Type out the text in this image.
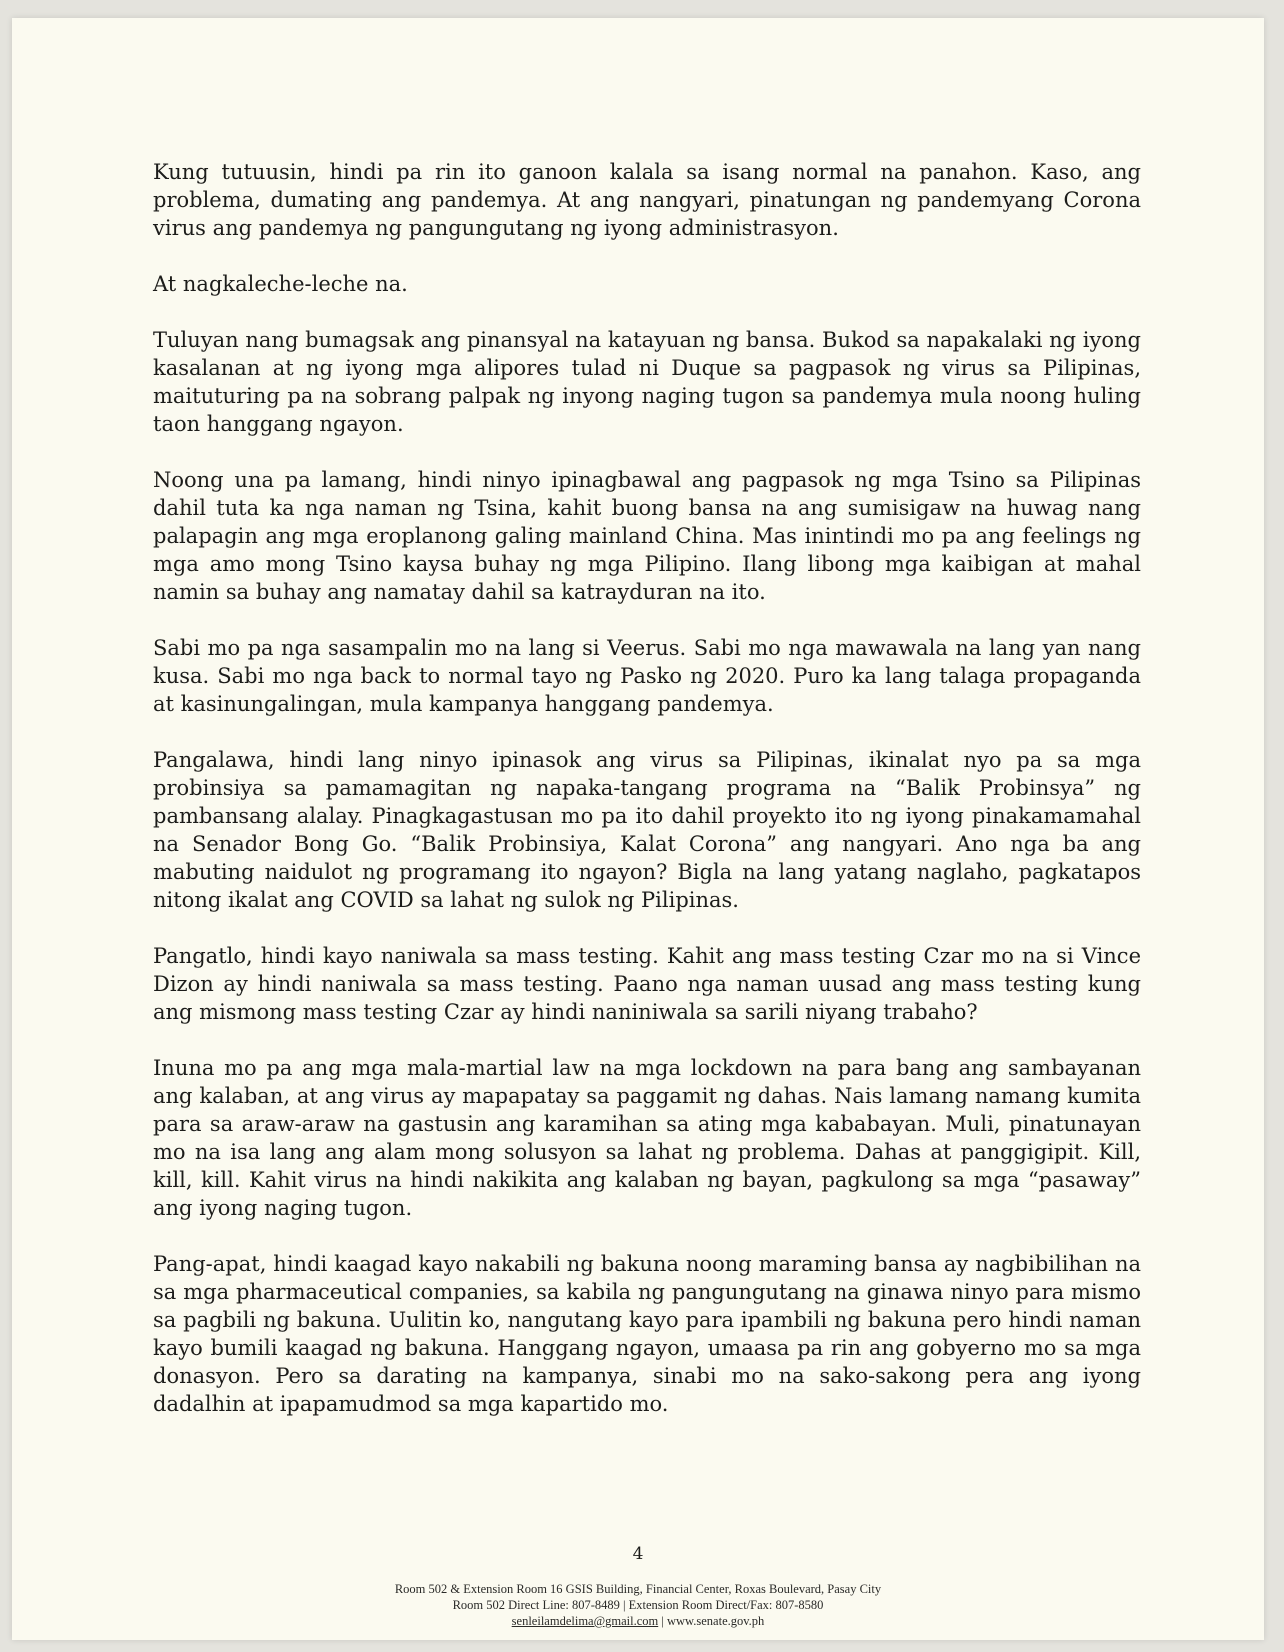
Kung tutuusin, hindi pa rin ito ganoon kalala sa isang normal na panahon. Kaso, ang problema, dumating ang pandemya. At ang nangyari, pinatungan ng pandemyang Corona virus ang pandemya ng pangungutang ng iyong administrasyon.

At nagkaleche-leche na.

Tuluyan nang bumagsak ang pinansyal na katayuan ng bansa. Bukod sa napakalaki ng iyong kasalanan at ng iyong mga alipores tulad ni Duque sa pagpasok ng virus sa Pilipinas, maituturing pa na sobrang palpak ng inyong naging tugon sa pandemya mula noong huling taon hanggang ngayon.

Noong una pa lamang, hindi ninyo ipinagbawal ang pagpasok ng mga Tsino sa Pilipinas dahil tuta ka nga naman ng Tsina, kahit buong bansa na ang sumisigaw na huwag nang palapagin ang mga eroplanong galing mainland China. Mas inintindi mo pa ang feelings ng mga amo mong Tsino kaysa buhay ng mga Pilipino. Ilang libong mga kaibigan at mahal namin sa buhay ang namatay dahil sa katrayduran na ito.

Sabi mo pa nga sasampalin mo na lang si Veerus. Sabi mo nga mawawala na lang yan nang kusa. Sabi mo nga back to normal tayo ng Pasko ng 2020. Puro ka lang talaga propaganda at kasinungalingan, mula kampanya hanggang pandemya.

Pangalawa, hindi lang ninyo ipinasok ang virus sa Pilipinas, ikinalat nyo pa sa mga probinsiya sa pamamagitan ng napaka-tangang programa na “Balik Probinsya” ng pambansang alalay. Pinagkagastusan mo pa ito dahil proyekto ito ng iyong pinakamamahal na Senador Bong Go. “Balik Probinsiya, Kalat Corona” ang nangyari. Ano nga ba ang mabuting naidulot ng programang ito ngayon? Bigla na lang yatang naglaho, pagkatapos nitong ikalat ang COVID sa lahat ng sulok ng Pilipinas.

Pangatlo, hindi kayo naniwala sa mass testing. Kahit ang mass testing Czar mo na si Vince Dizon ay hindi naniwala sa mass testing. Paano nga naman uusad ang mass testing kung ang mismong mass testing Czar ay hindi naniniwala sa sarili niyang trabaho?

Inuna mo pa ang mga mala-martial law na mga lockdown na para bang ang sambayanan ang kalaban, at ang virus ay mapapatay sa paggamit ng dahas. Nais lamang namang kumita para sa araw-araw na gastusin ang karamihan sa ating mga kababayan. Muli, pinatunayan mo na isa lang ang alam mong solusyon sa lahat ng problema. Dahas at panggigipit. Kill, kill, kill. Kahit virus na hindi nakikita ang kalaban ng bayan, pagkulong sa mga “pasaway” ang iyong naging tugon.

Pang-apat, hindi kaagad kayo nakabili ng bakuna noong maraming bansa ay nagbibilihan na sa mga pharmaceutical companies, sa kabila ng pangungutang na ginawa ninyo para mismo sa pagbili ng bakuna. Uulitin ko, nangutang kayo para ipambili ng bakuna pero hindi naman kayo bumili kaagad ng bakuna. Hanggang ngayon, umaasa pa rin ang gobyerno mo sa mga donasyon. Pero sa darating na kampanya, sinabi mo na sako-sakong pera ang iyong dadalhin at ipapamudmod sa mga kapartido mo.

4
Room 502 & Extension Room 16 GSIS Building, Financial Center, Roxas Boulevard, Pasay City
Room 502 Direct Line: 807-8489 | Extension Room Direct/Fax: 807-8580
senleilamdelima@gmail.com | www.senate.gov.ph
